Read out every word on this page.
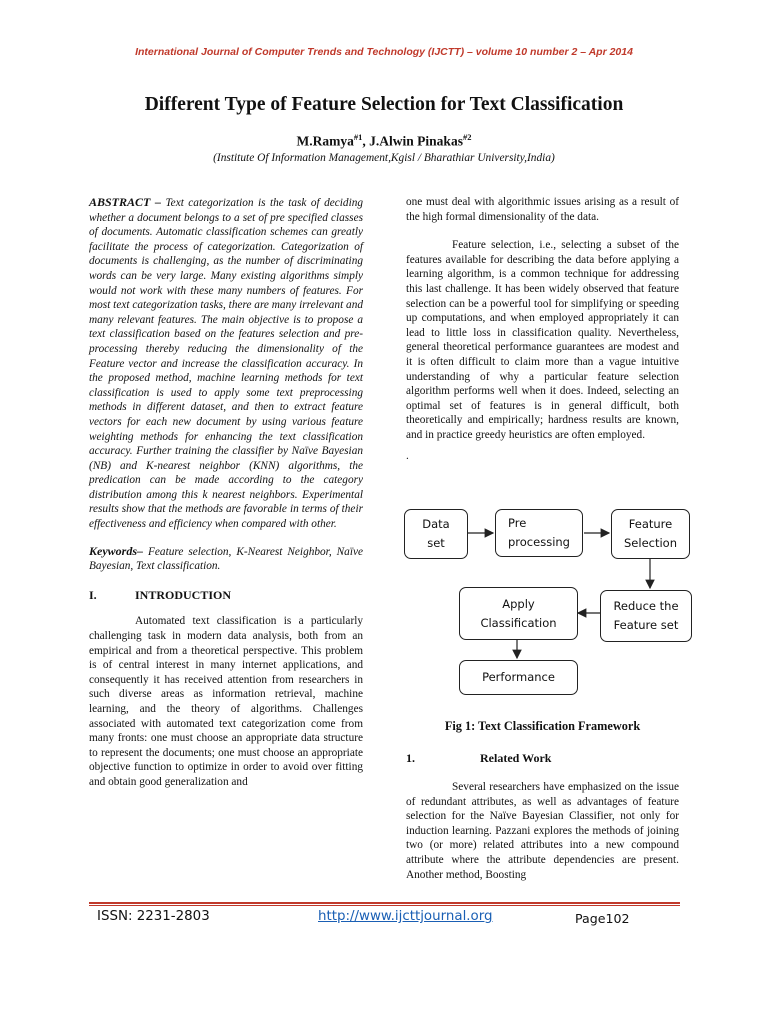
International Journal of Computer Trends and Technology (IJCTT) – volume 10 number 2 – Apr 2014
Different Type of Feature Selection for Text Classification
M.Ramya$^{\#1}$, J.Alwin Pinakas$^{\#2}$
(Institute Of Information Management,Kgisl / Bharathiar University,India)

ABSTRACT – Text categorization is the task of deciding whether a document belongs to a set of pre specified classes of documents. Automatic classification schemes can greatly facilitate the process of categorization. Categorization of documents is challenging, as the number of discriminating words can be very large. Many existing algorithms simply would not work with these many numbers of features. For most text categorization tasks, there are many irrelevant and many relevant features. The main objective is to propose a text classification based on the features selection and pre-processing thereby reducing the dimensionality of the Feature vector and increase the classification accuracy. In the proposed method, machine learning methods for text classification is used to apply some text preprocessing methods in different dataset, and then to extract feature vectors for each new document by using various feature weighting methods for enhancing the text classification accuracy. Further training the classifier by Naïve Bayesian (NB) and K-nearest neighbor (KNN) algorithms, the predication can be made according to the category distribution among this k nearest neighbors. Experimental results show that the methods are favorable in terms of their effectiveness and efficiency when compared with other.

Keywords– Feature selection, K-Nearest Neighbor, Naïve Bayesian, Text classification.

I.	INTRODUCTION

Automated text classification is a particularly challenging task in modern data analysis, both from an empirical and from a theoretical perspective. This problem is of central interest in many internet applications, and consequently it has received attention from researchers in such diverse areas as information retrieval, machine learning, and the theory of algorithms. Challenges associated with automated text categorization come from many fronts: one must choose an appropriate data structure to represent the documents; one must choose an appropriate objective function to optimize in order to avoid over fitting and obtain good generalization and

one must deal with algorithmic issues arising as a result of the high formal dimensionality of the data.

Feature selection, i.e., selecting a subset of the features available for describing the data before applying a learning algorithm, is a common technique for addressing this last challenge. It has been widely observed that feature selection can be a powerful tool for simplifying or speeding up computations, and when employed appropriately it can lead to little loss in classification quality. Nevertheless, general theoretical performance guarantees are modest and it is often difficult to claim more than a vague intuitive understanding of why a particular feature selection algorithm performs well when it does. Indeed, selecting an optimal set of features is in general difficult, both theoretically and empirically; hardness results are known, and in practice greedy heuristics are often employed.

.

Data
set
Pre
processing
Feature
Selection
Apply
Classification
Reduce the
Feature set
Performance
Fig 1: Text Classification Framework
1.	Related Work

Several researchers have emphasized on the issue of redundant attributes, as well as advantages of feature selection for the Naïve Bayesian Classifier, not only for induction learning. Pazzani explores the methods of joining two (or more) related attributes into a new compound attribute where the attribute dependencies are present. Another method, Boosting

ISSN: 2231-2803	http://www.ijcttjournal.org	Page102
